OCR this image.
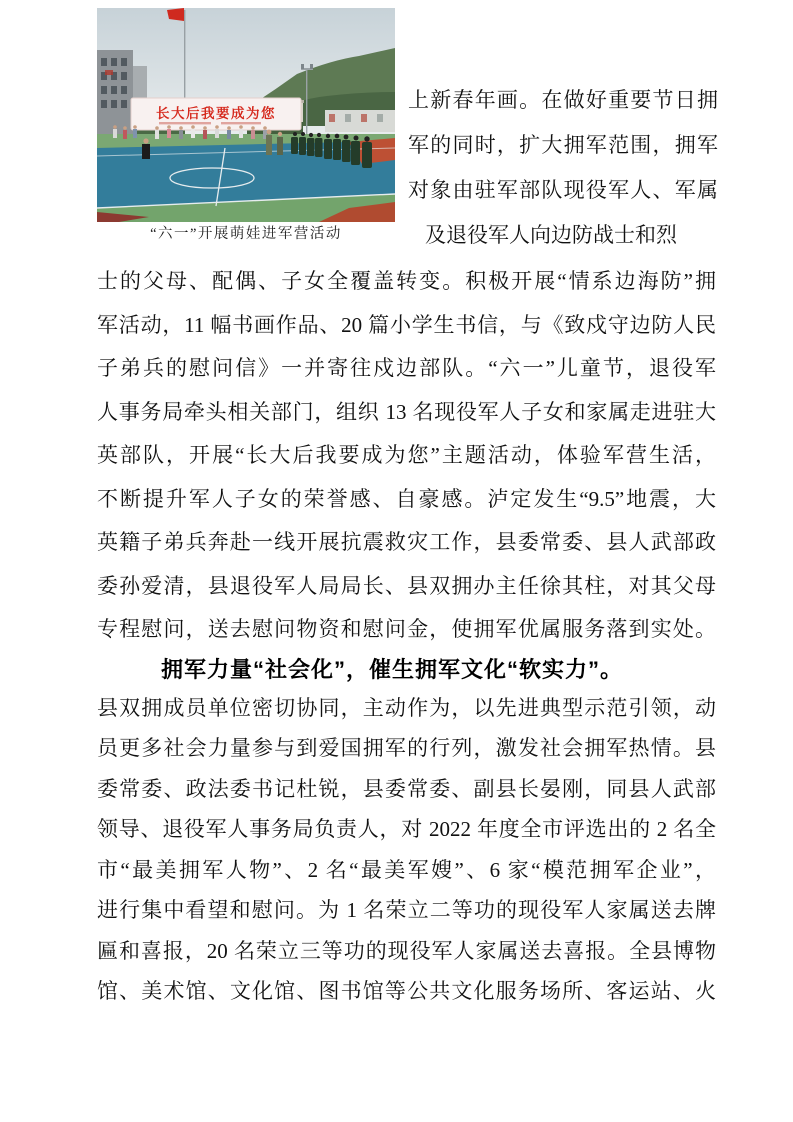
长大后我要成为您
“六一”开展萌娃进军营活动
上新春年画。在做好重要节日拥
军的同时，扩大拥军范围，拥军
对象由驻军部队现役军人、军属
及退役军人向边防战士和烈
士的父母、配偶、子女全覆盖转变。积极开展“情系边海防”拥
军活动，11 幅书画作品、20 篇小学生书信，与《致戍守边防人民
子弟兵的慰问信》一并寄往戍边部队。“六一”儿童节，退役军
人事务局牵头相关部门，组织 13 名现役军人子女和家属走进驻大
英部队，开展“长大后我要成为您”主题活动，体验军营生活，
不断提升军人子女的荣誉感、自豪感。泸定发生“9.5”地震，大
英籍子弟兵奔赴一线开展抗震救灾工作，县委常委、县人武部政
委孙爱清，县退役军人局局长、县双拥办主任徐其柱，对其父母
专程慰问，送去慰问物资和慰问金，使拥军优属服务落到实处。
拥军力量“社会化”，催生拥军文化“软实力”。
县双拥成员单位密切协同，主动作为，以先进典型示范引领，动
员更多社会力量参与到爱国拥军的行列，激发社会拥军热情。县
委常委、政法委书记杜锐，县委常委、副县长晏刚，同县人武部
领导、退役军人事务局负责人，对 2022 年度全市评选出的 2 名全
市“最美拥军人物”、2 名“最美军嫂”、6 家“模范拥军企业”，
进行集中看望和慰问。为 1 名荣立二等功的现役军人家属送去牌
匾和喜报，20 名荣立三等功的现役军人家属送去喜报。全县博物
馆、美术馆、文化馆、图书馆等公共文化服务场所、客运站、火
